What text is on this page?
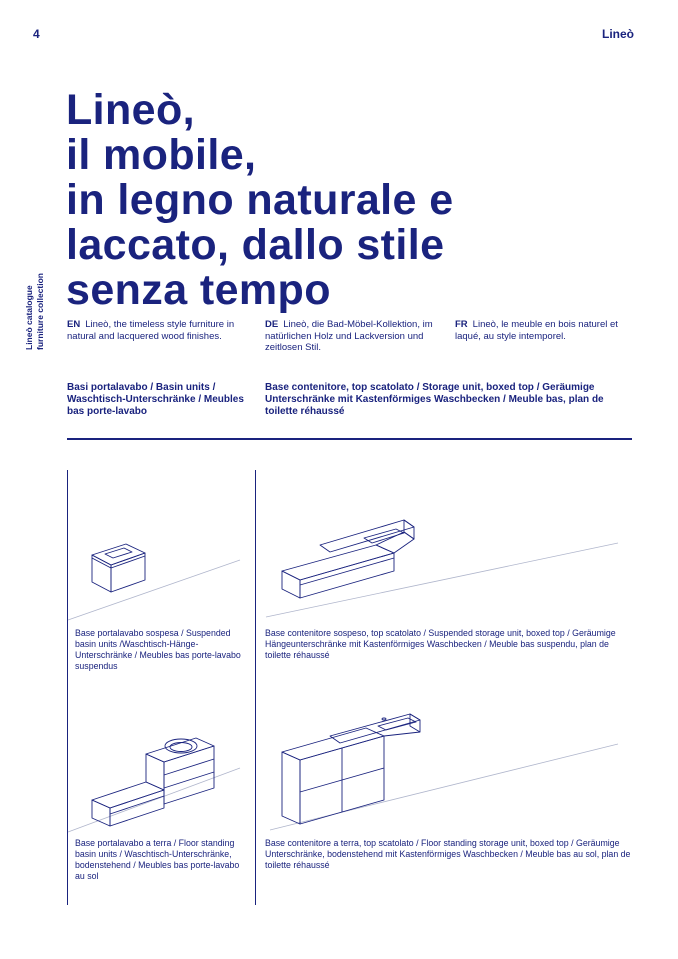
4	Lineò
Lineò catalogue furniture collection
Lineò,
il mobile,
in legno naturale e
laccato, dallo stile
senza tempo
EN Lineò, the timeless style furniture in natural and lacquered wood finishes.
DE Lineò, die Bad-Möbel-Kollektion, im natürlichen Holz und Lackversion und zeitlosen Stil.
FR Lineò, le meuble en bois naturel et laqué, au style intemporel.
Basi portalavabo / Basin units / Waschtisch-Unterschränke / Meubles bas porte-lavabo
Base contenitore, top scatolato / Storage unit, boxed top / Geräumige Unterschränke mit Kastenförmiges Waschbecken / Meuble bas, plan de toilette réhaussé
Base portalavabo sospesa / Suspended basin units /Waschtisch-Hänge-Unterschränke / Meubles bas porte-lavabo suspendus
Base contenitore sospeso, top scatolato / Suspended storage unit, boxed top / Geräumige Hängeunterschränke mit Kastenförmiges Waschbecken / Meuble bas suspendu, plan de toilette réhaussé
Base portalavabo a terra / Floor standing basin units / Waschtisch-Unterschränke, bodenstehend / Meubles bas porte-lavabo au sol
Base contenitore a terra, top scatolato / Floor standing storage unit, boxed top / Geräumige Unterschränke, bodenstehend mit Kastenförmiges Waschbecken / Meuble bas au sol, plan de toilette réhaussé
